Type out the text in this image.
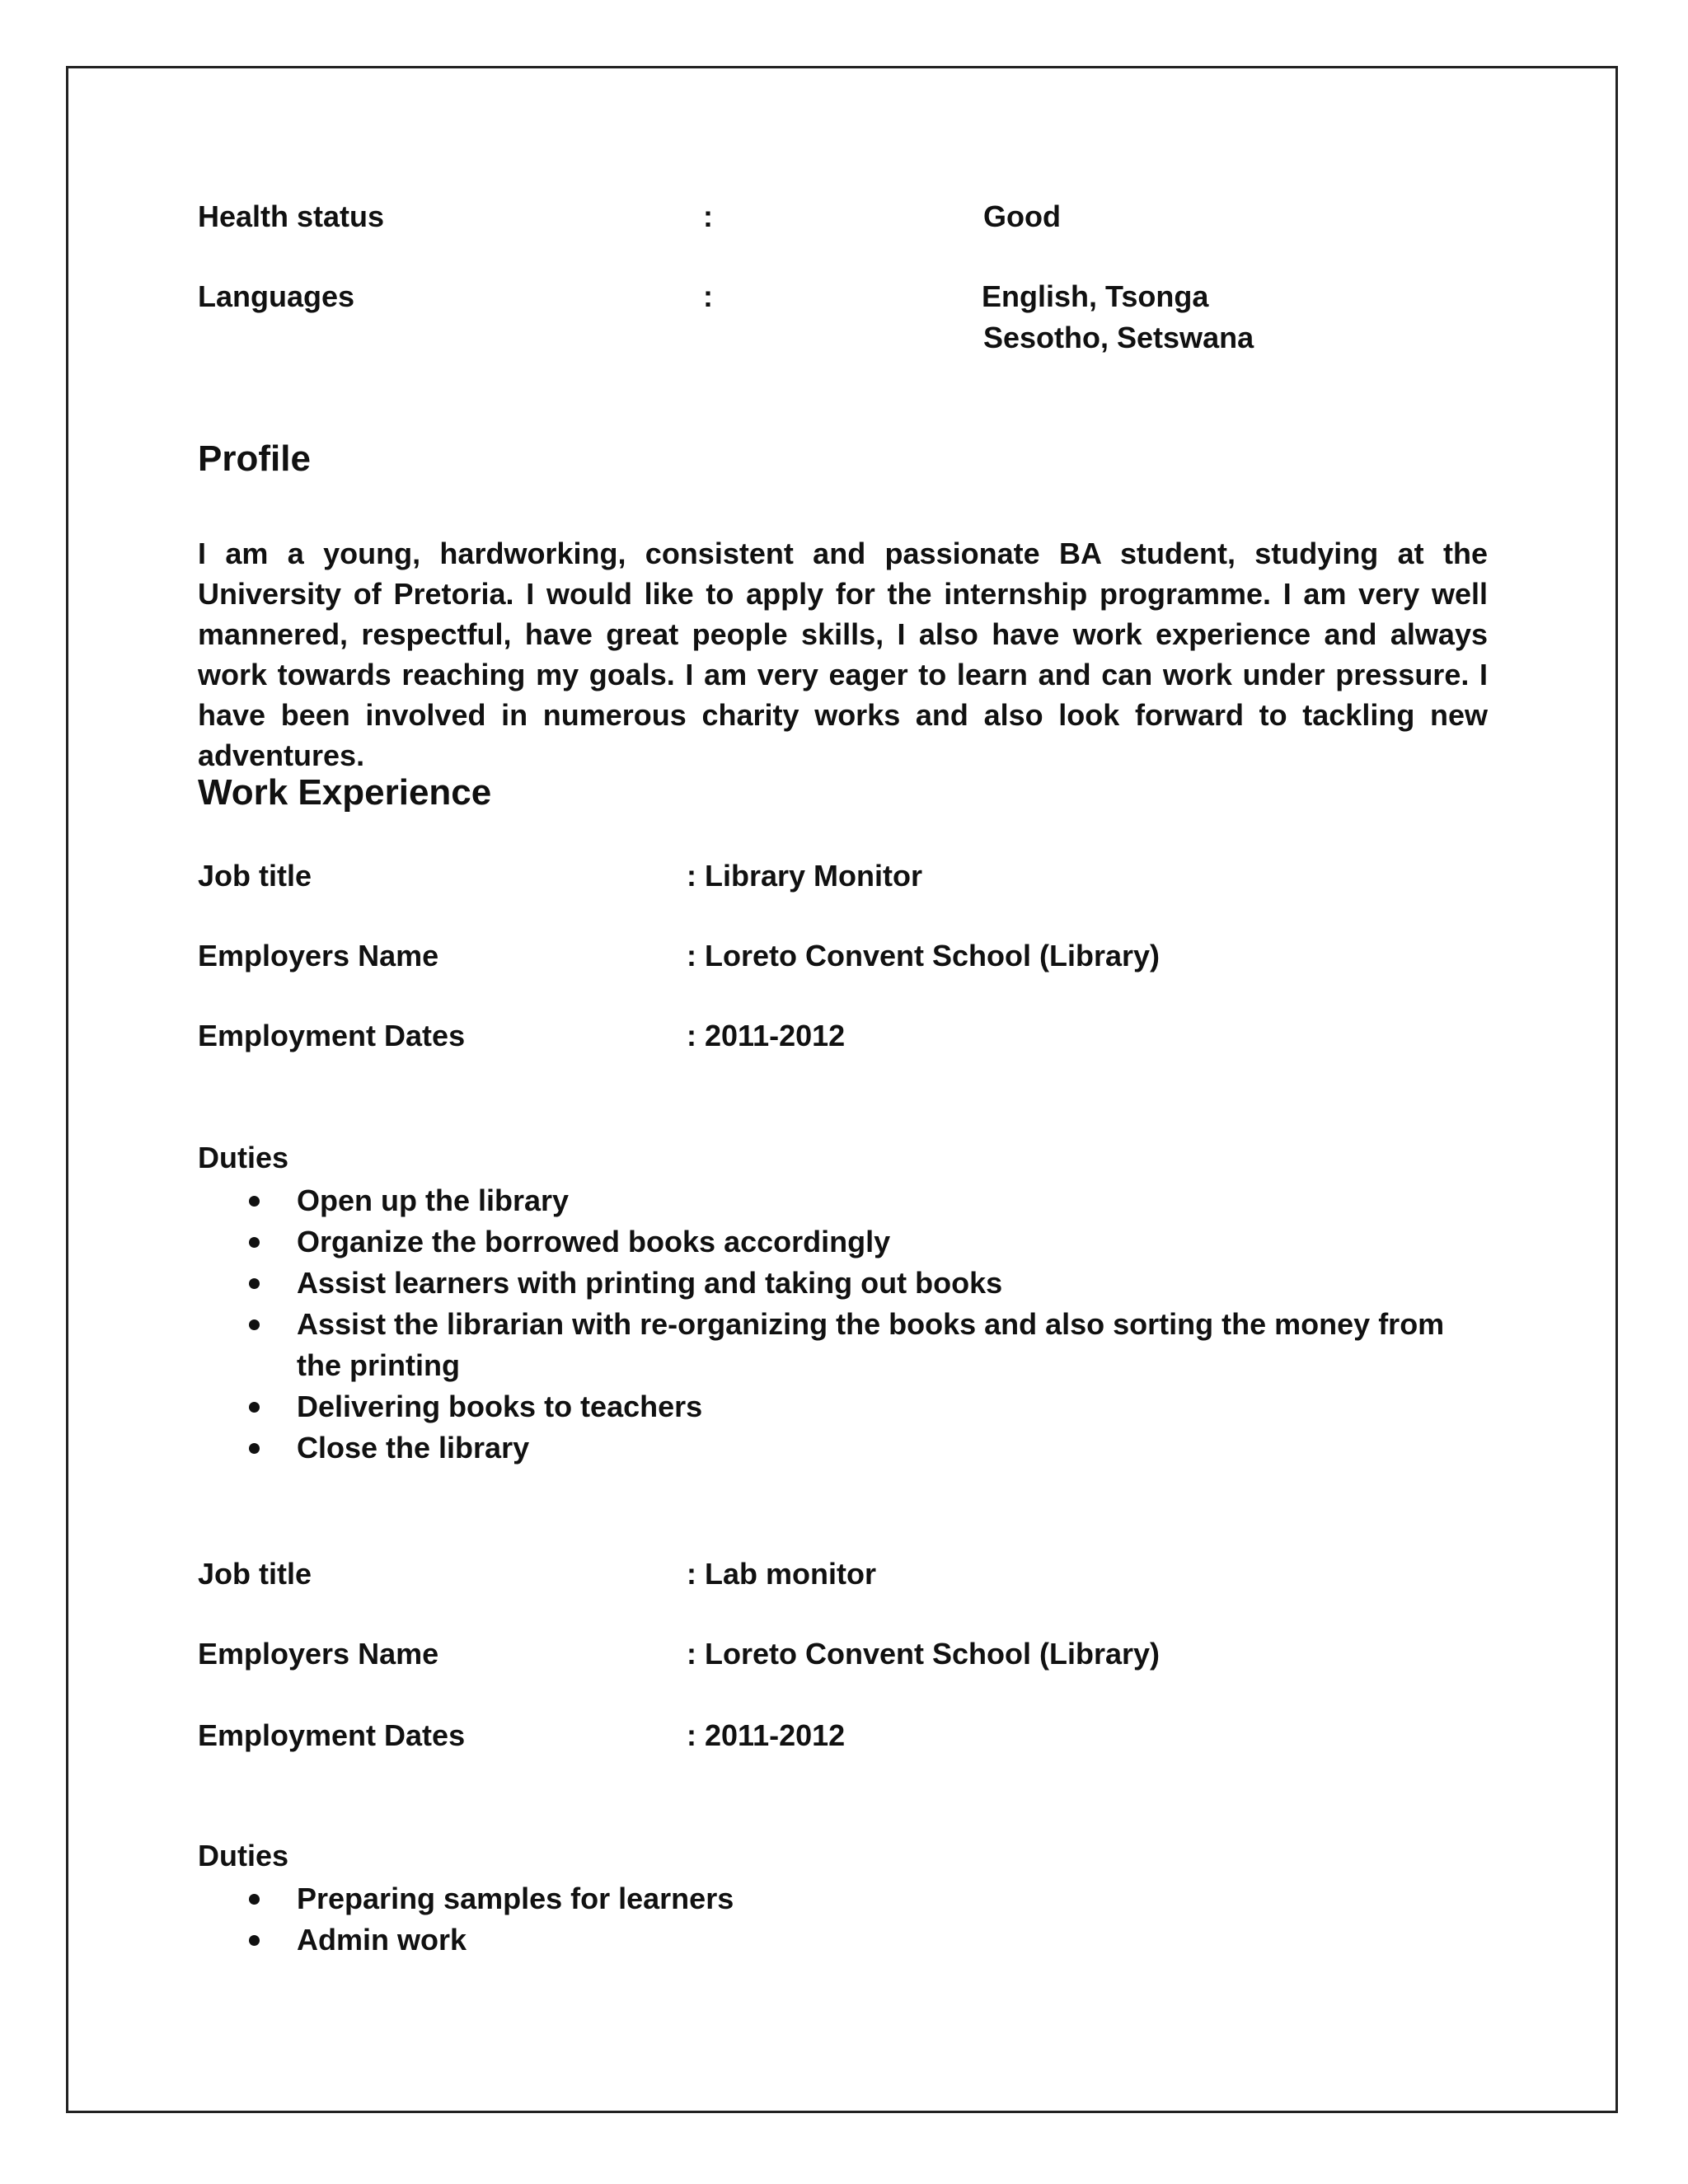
Health status	:	Good
Languages	:	English, Tsonga
Sesotho, Setswana
Profile
I am a young, hardworking, consistent and passionate BA student, studying at the University of Pretoria. I would like to apply for the internship programme. I am very well mannered, respectful, have great people skills, I also have work experience and always work towards reaching my goals. I am very eager to learn and can work under pressure. I have been involved in numerous charity works and also look forward to tackling new adventures.
Work Experience
Job title	: Library Monitor
Employers Name	: Loreto Convent School (Library)
Employment Dates	: 2011-2012
Duties
Open up the library
Organize the borrowed books accordingly
Assist learners with printing and taking out books
Assist the librarian with re-organizing the books and also sorting the money from the printing
Delivering books to teachers
Close the library
Job title	: Lab monitor
Employers Name	: Loreto Convent School (Library)
Employment Dates	: 2011-2012
Duties
Preparing samples for learners
Admin work
